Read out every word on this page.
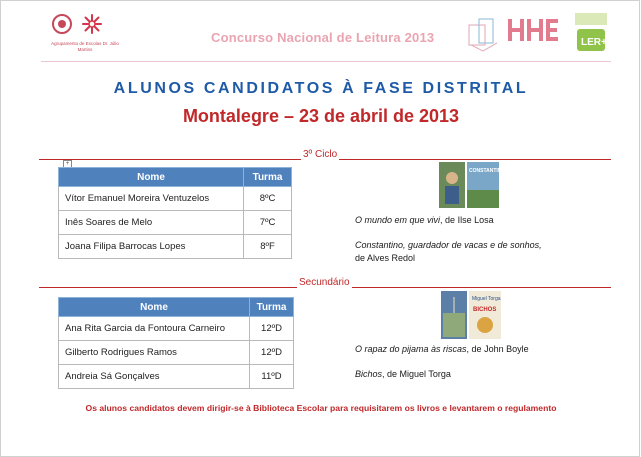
Agrupamento de Escolas Dr. Júlio Martins
Concurso Nacional de Leitura 2013	LER+
ALUNOS CANDIDATOS À FASE DISTRITAL
Montalegre – 23 de abril de 2013
3º Ciclo
+
Nome	Turma
Vítor Emanuel Moreira Ventuzelos	8ºC
Inês Soares de Melo	7ºC
Joana Filipa Barrocas Lopes	8ºF
CONSTANTINO
O mundo em que vivi, de Ilse Losa
Constantino, guardador de vacas e de sonhos,
de Alves Redol
Secundário
Nome	Turma
Ana Rita Garcia da Fontoura Carneiro	12ºD
Gilberto Rodrigues Ramos	12ºD
Andreia Sá Gonçalves	11ºD
Miguel Torga
BICHOS
O rapaz do pijama às riscas, de John Boyle
Bichos, de Miguel Torga
Os alunos candidatos devem dirigir-se à Biblioteca Escolar para requisitarem os livros e levantarem o regulamento
